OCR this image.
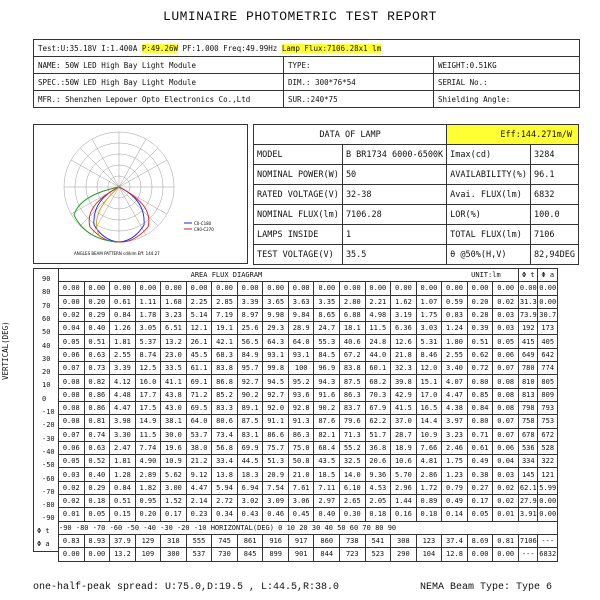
LUMINAIRE PHOTOMETRIC TEST REPORT
Test:U:35.18V I:1.400A P:49.26W PF:1.000 Freq:49.99Hz Lamp Flux:7106.28x1 lm		
NAME: 50W LED High Bay Light Module	TYPE:	WEIGHT:0.51KG
SPEC.:50W LED High Bay Light Module	DIM.: 300*76*54	SERIAL No.:
MFR.: Shenzhen Lepower Opto Electronics Co.,Ltd	SUR.:240*75	Shielding Angle:
C0-C180
C90-C270
ANGLES BEAM PATTERN cd/klm Eff: 144.27
DATA OF LAMP		Eff:144.271m/W	
MODEL	B BR1734 6000-6500K	Imax(cd)	3284
NOMINAL POWER(W)	50	AVAILABILITY(%)	96.1
RATED VOLTAGE(V)	32-38	Avai. FLUX(lm)	6832
NOMINAL FLUX(lm)	7106.28	LOR(%)	100.0
LAMPS INSIDE	1	TOTAL FLUX(lm)	7106
TEST VOLTAGE(V)	35.5	θ @50%(H,V)	82,94DEG
90
80
70
60
50
40
30
20
10
0
-10
-20
-30
-40
-50
-60
-70
-80
-90
Φ t
Φ a
VERTICAL(DEG)
AREA FLUX DIAGRAM UNIT:lm																		Φ t	Φ a
0.00	0.00	0.00	0.00	0.00	0.00	0.00	0.00	0.00	0.00	0.00	0.00	0.00	0.00	0.00	0.00	0.00	0.00	0.00	0.00
0.00	0.20	0.61	1.11	1.68	2.25	2.85	3.39	3.65	3.63	3.35	2.80	2.21	1.62	1.07	0.59	0.20	0.02	31.3	0.00
0.02	0.29	0.84	1.78	3.23	5.14	7.19	8.97	9.98	9.84	8.65	6.88	4.98	3.19	1.75	0.83	0.28	0.03	73.9	30.7
0.04	0.40	1.26	3.05	6.51	12.1	19.1	25.6	29.3	28.9	24.7	18.1	11.5	6.36	3.03	1.24	0.39	0.03	192	173
0.05	0.51	1.81	5.37	13.2	26.1	42.1	56.5	64.3	64.0	55.3	40.6	24.8	12.6	5.31	1.80	0.51	0.05	415	405
0.06	0.63	2.55	8.74	23.0	45.5	68.3	84.9	93.1	93.1	84.5	67.2	44.0	21.8	8.46	2.55	0.62	0.06	649	642
0.07	0.73	3.39	12.5	33.5	61.1	83.8	95.7	99.8	100	96.9	83.8	60.1	32.3	12.0	3.40	0.72	0.07	780	774
0.08	0.82	4.12	16.0	41.1	69.1	86.8	92.7	94.5	95.2	94.3	87.5	68.2	39.8	15.1	4.07	0.80	0.08	810	805
0.08	0.86	4.48	17.7	43.8	71.2	85.2	90.2	92.7	93.6	91.6	86.3	70.3	42.9	17.0	4.47	0.85	0.08	813	809
0.08	0.86	4.47	17.5	43.0	69.5	83.3	89.1	92.0	92.8	90.2	83.7	67.9	41.5	16.5	4.38	0.84	0.08	798	793
0.08	0.81	3.98	14.9	38.1	64.0	80.6	87.5	91.1	91.3	87.6	79.6	62.2	37.0	14.4	3.97	0.80	0.07	758	753
0.07	0.74	3.30	11.5	30.0	53.7	73.4	83.1	86.6	86.3	82.1	71.3	51.7	28.7	10.9	3.23	0.71	0.07	678	672
0.06	0.63	2.47	7.74	19.6	38.0	56.8	69.9	75.7	75.0	68.4	55.2	36.8	18.9	7.66	2.46	0.61	0.06	536	528
0.05	0.52	1.81	4.90	10.9	21.2	33.4	44.5	51.3	50.8	43.5	32.5	20.6	10.6	4.81	1.75	0.49	0.04	334	322
0.03	0.40	1.28	2.89	5.62	9.12	13.8	18.3	20.9	21.0	18.5	14.0	9.36	5.70	2.86	1.23	0.38	0.03	145	121
0.02	0.29	0.84	1.82	3.00	4.47	5.94	6.94	7.54	7.61	7.11	6.10	4.53	2.96	1.72	0.79	0.27	0.02	62.1	5.99
0.02	0.18	0.51	0.95	1.52	2.14	2.72	3.02	3.09	3.06	2.97	2.65	2.05	1.44	0.89	0.49	0.17	0.02	27.9	0.00
0.01	0.05	0.15	0.20	0.17	0.23	0.34	0.43	0.46	0.45	0.40	0.30	0.18	0.16	0.18	0.14	0.05	0.01	3.91	0.00
-90 -80 -70 -60 -50 -40 -30 -20 -10 HORIZONTAL(DEG) 0 10 20 30 40 50 60 70 80 90																			
0.83	8.93	37.9	129	318	555	745	861	916	917	860	738	541	308	123	37.4	8.69	0.81	7106	---
0.00	0.00	13.2	109	300	537	730	845	899	901	844	723	523	290	104	12.8	0.00	0.00	---	6832
one-half-peak spread: U:75.0,D:19.5 , L:44.5,R:38.0	NEMA Beam Type: Type 6
